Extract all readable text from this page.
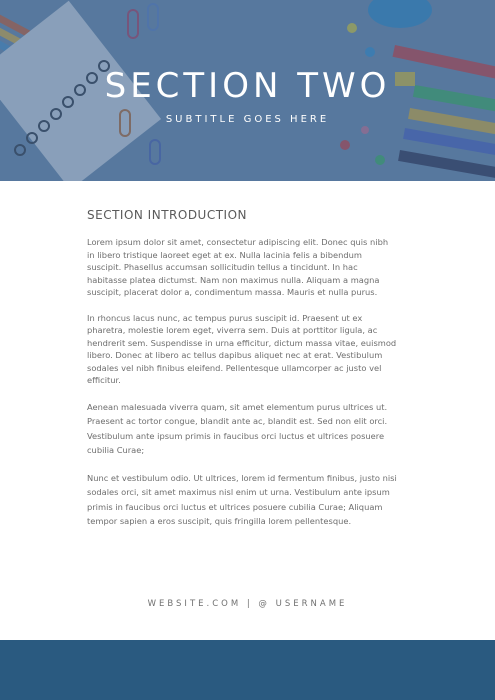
SECTION TWO
SUBTITLE GOES HERE
SECTION INTRODUCTION

Lorem ipsum dolor sit amet, consectetur adipiscing elit. Donec quis nibh in libero tristique laoreet eget at ex. Nulla lacinia felis a bibendum suscipit. Phasellus accumsan sollicitudin tellus a tincidunt. In hac habitasse platea dictumst. Nam non maximus nulla. Aliquam a magna suscipit, placerat dolor a, condimentum massa. Mauris et nulla purus.

In rhoncus lacus nunc, ac tempus purus suscipit id. Praesent ut ex pharetra, molestie lorem eget, viverra sem. Duis at porttitor ligula, ac hendrerit sem. Suspendisse in urna efficitur, dictum massa vitae, euismod libero. Donec at libero ac tellus dapibus aliquet nec at erat. Vestibulum sodales vel nibh finibus eleifend. Pellentesque ullamcorper ac justo vel efficitur.

Aenean malesuada viverra quam, sit amet elementum purus ultrices ut. Praesent ac tortor congue, blandit ante ac, blandit est. Sed non elit orci. Vestibulum ante ipsum primis in faucibus orci luctus et ultrices posuere cubilia Curae;

Nunc et vestibulum odio. Ut ultrices, lorem id fermentum finibus, justo nisi sodales orci, sit amet maximus nisl enim ut urna. Vestibulum ante ipsum primis in faucibus orci luctus et ultrices posuere cubilia Curae; Aliquam tempor sapien a eros suscipit, quis fringilla lorem pellentesque.

WEBSITE.COM | @ USERNAME
